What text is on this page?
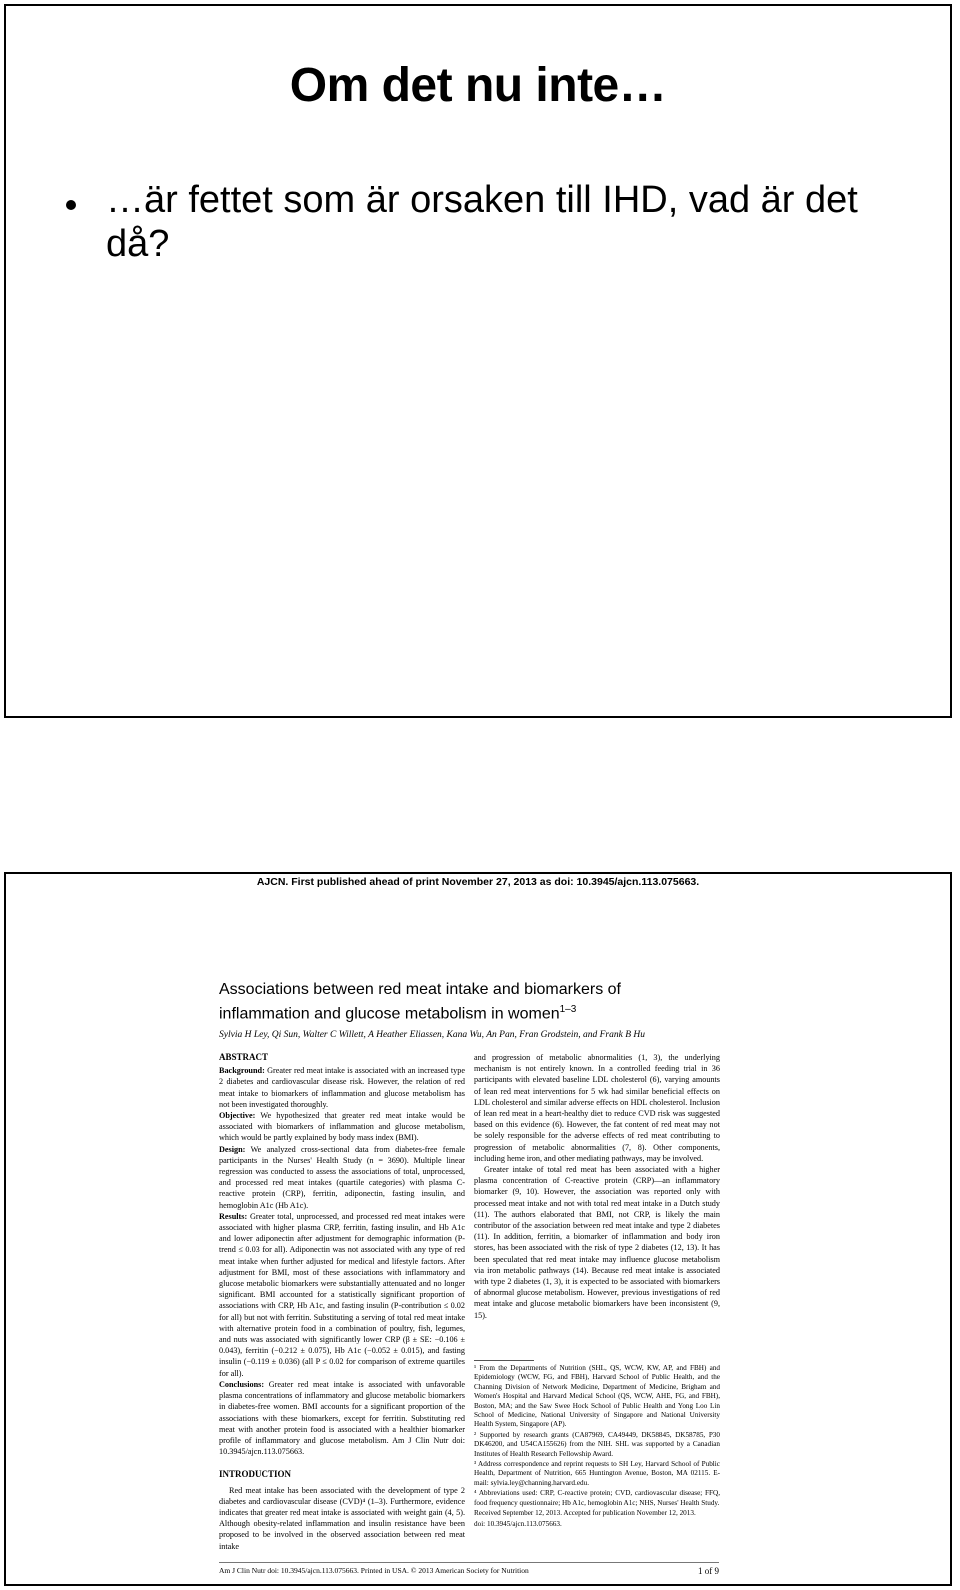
Om det nu inte…
…är fettet som är orsaken till IHD, vad är det då?
AJCN. First published ahead of print November 27, 2013 as doi: 10.3945/ajcn.113.075663.
Associations between red meat intake and biomarkers of inflammation and glucose metabolism in women$^{1-3}$
Sylvia H Ley, Qi Sun, Walter C Willett, A Heather Eliassen, Kana Wu, An Pan, Fran Grodstein, and Frank B Hu

ABSTRACT

Background: Greater red meat intake is associated with an increased type 2 diabetes and cardiovascular disease risk. However, the relation of red meat intake to biomarkers of inflammation and glucose metabolism has not been investigated thoroughly.

Objective: We hypothesized that greater red meat intake would be associated with biomarkers of inflammation and glucose metabolism, which would be partly explained by body mass index (BMI).

Design: We analyzed cross-sectional data from diabetes-free female participants in the Nurses' Health Study (n = 3690). Multiple linear regression was conducted to assess the associations of total, unprocessed, and processed red meat intakes (quartile categories) with plasma C-reactive protein (CRP), ferritin, adiponectin, fasting insulin, and hemoglobin A1c (Hb A1c).

Results: Greater total, unprocessed, and processed red meat intakes were associated with higher plasma CRP, ferritin, fasting insulin, and Hb A1c and lower adiponectin after adjustment for demographic information (P-trend ≤ 0.03 for all). Adiponectin was not associated with any type of red meat intake when further adjusted for medical and lifestyle factors. After adjustment for BMI, most of these associations with inflammatory and glucose metabolic biomarkers were substantially attenuated and no longer significant. BMI accounted for a statistically significant proportion of associations with CRP, Hb A1c, and fasting insulin (P-contribution ≤ 0.02 for all) but not with ferritin. Substituting a serving of total red meat intake with alternative protein food in a combination of poultry, fish, legumes, and nuts was associated with significantly lower CRP (β ± SE: −0.106 ± 0.043), ferritin (−0.212 ± 0.075), Hb A1c (−0.052 ± 0.015), and fasting insulin (−0.119 ± 0.036) (all P ≤ 0.02 for comparison of extreme quartiles for all).

Conclusions: Greater red meat intake is associated with unfavorable plasma concentrations of inflammatory and glucose metabolic biomarkers in diabetes-free women. BMI accounts for a significant proportion of the associations with these biomarkers, except for ferritin. Substituting red meat with another protein food is associated with a healthier biomarker profile of inflammatory and glucose metabolism. Am J Clin Nutr doi: 10.3945/ajcn.113.075663.

INTRODUCTION

Red meat intake has been associated with the development of type 2 diabetes and cardiovascular disease (CVD)⁴ (1–3). Furthermore, evidence indicates that greater red meat intake is associated with weight gain (4, 5). Although obesity-related inflammation and insulin resistance have been proposed to be involved in the observed association between red meat intake

and progression of metabolic abnormalities (1, 3), the underlying mechanism is not entirely known. In a controlled feeding trial in 36 participants with elevated baseline LDL cholesterol (6), varying amounts of lean red meat interventions for 5 wk had similar beneficial effects on LDL cholesterol and similar adverse effects on HDL cholesterol. Inclusion of lean red meat in a heart-healthy diet to reduce CVD risk was suggested based on this evidence (6). However, the fat content of red meat may not be solely responsible for the adverse effects of red meat contributing to progression of metabolic abnormalities (7, 8). Other components, including heme iron, and other mediating pathways, may be involved.

Greater intake of total red meat has been associated with a higher plasma concentration of C-reactive protein (CRP)—an inflammatory biomarker (9, 10). However, the association was reported only with processed meat intake and not with total red meat intake in a Dutch study (11). The authors elaborated that BMI, not CRP, is likely the main contributor of the association between red meat intake and type 2 diabetes (11). In addition, ferritin, a biomarker of inflammation and body iron stores, has been associated with the risk of type 2 diabetes (12, 13). It has been speculated that red meat intake may influence glucose metabolism via iron metabolic pathways (14). Because red meat intake is associated with type 2 diabetes (1, 3), it is expected to be associated with biomarkers of abnormal glucose metabolism. However, previous investigations of red meat intake and glucose metabolic biomarkers have been inconsistent (9, 15).

¹ From the Departments of Nutrition (SHL, QS, WCW, KW, AP, and FBH) and Epidemiology (WCW, FG, and FBH), Harvard School of Public Health, and the Channing Division of Network Medicine, Department of Medicine, Brigham and Women's Hospital and Harvard Medical School (QS, WCW, AHE, FG, and FBH), Boston, MA; and the Saw Swee Hock School of Public Health and Yong Loo Lin School of Medicine, National University of Singapore and National University Health System, Singapore (AP).

² Supported by research grants (CA87969, CA49449, DK58845, DK58785, P30 DK46200, and U54CA155626) from the NIH. SHL was supported by a Canadian Institutes of Health Research Fellowship Award.

³ Address correspondence and reprint requests to SH Ley, Harvard School of Public Health, Department of Nutrition, 665 Huntington Avenue, Boston, MA 02115. E-mail: sylvia.ley@channing.harvard.edu.

⁴ Abbreviations used: CRP, C-reactive protein; CVD, cardiovascular disease; FFQ, food frequency questionnaire; Hb A1c, hemoglobin A1c; NHS, Nurses' Health Study.

Received September 12, 2013. Accepted for publication November 12, 2013.

doi: 10.3945/ajcn.113.075663.

Am J Clin Nutr doi: 10.3945/ajcn.113.075663. Printed in USA. © 2013 American Society for Nutrition	1 of 9
